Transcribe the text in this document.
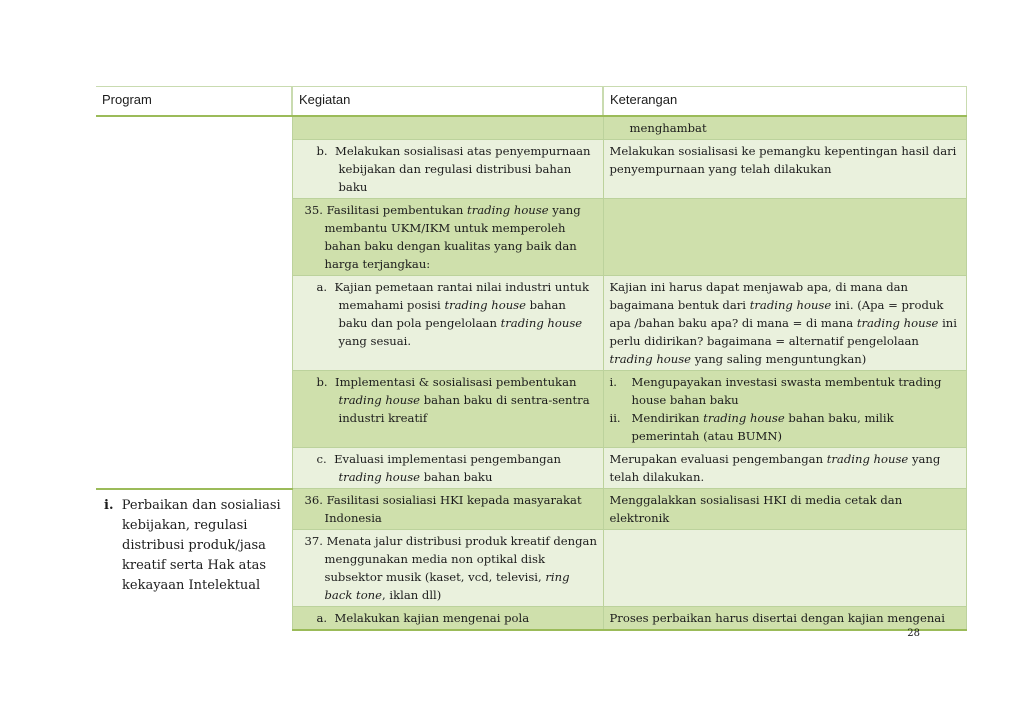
Program	Kegiatan	Keterangan
		menghambat

	b. Melakukan sosialisasi atas penyempurnaan kebijakan dan regulasi distribusi bahan baku	Melakukan sosialisasi ke pemangku kepentingan hasil dari penyempurnaan yang telah dilakukan

	35. Fasilitasi pembentukan trading house yang membantu UKM/IKM untuk memperoleh bahan baku dengan kualitas yang baik dan harga terjangkau:	

	a. Kajian pemetaan rantai nilai industri untuk memahami posisi trading house bahan baku dan pola pengelolaan trading house yang sesuai.	Kajian ini harus dapat menjawab apa, di mana dan bagaimana bentuk dari trading house ini. (Apa = produk apa /bahan baku apa? di mana = di mana trading house ini perlu didirikan? bagaimana = alternatif pengelolaan trading house yang saling menguntungkan)

	b. Implementasi & sosialisasi pembentukan trading house bahan baku di sentra-sentra industri kreatif	i. Mengupayakan investasi swasta membentuk trading house bahan baku
ii. Mendirikan trading house bahan baku, milik pemerintah (atau BUMN)

	c. Evaluasi implementasi pengembangan trading house bahan baku	Merupakan evaluasi pengembangan trading house yang telah dilakukan.

i. Perbaikan dan sosialiasi kebijakan, regulasi distribusi produk/jasa kreatif serta Hak atas kekayaan Intelektual	36. Fasilitasi sosialiasi HKI kepada masyarakat Indonesia	Menggalakkan sosialisasi HKI di media cetak dan elektronik

	37. Menata jalur distribusi produk kreatif dengan menggunakan media non optikal disk subsektor musik (kaset, vcd, televisi, ring back tone, iklan dll)	

	a. Melakukan kajian mengenai pola	Proses perbaikan harus disertai dengan kajian mengenai
28
